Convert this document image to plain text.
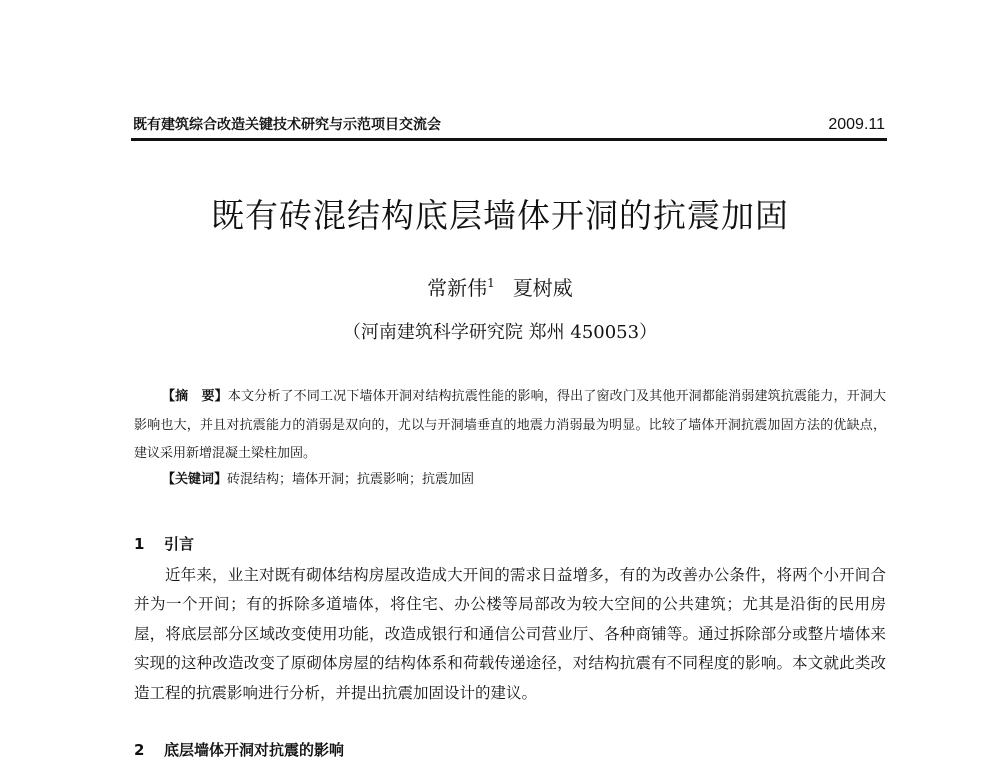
既有建筑综合改造关键技术研究与示范项目交流会	2009.11
既有砖混结构底层墙体开洞的抗震加固
常新伟$^1$ 夏树威
（河南建筑科学研究院 郑州 450053）
【摘　要】本文分析了不同工况下墙体开洞对结构抗震性能的影响，得出了窗改门及其他开洞都能消弱建筑抗震能力，开洞大影响也大，并且对抗震能力的消弱是双向的，尤以与开洞墙垂直的地震力消弱最为明显。比较了墙体开洞抗震加固方法的优缺点，建议采用新增混凝土梁柱加固。
【关键词】砖混结构；墙体开洞；抗震影响；抗震加固
1 引言
近年来，业主对既有砌体结构房屋改造成大开间的需求日益增多，有的为改善办公条件，将两个小开间合并为一个开间；有的拆除多道墙体，将住宅、办公楼等局部改为较大空间的公共建筑；尤其是沿街的民用房屋，将底层部分区域改变使用功能，改造成银行和通信公司营业厅、各种商铺等。通过拆除部分或整片墙体来实现的这种改造改变了原砌体房屋的结构体系和荷载传递途径，对结构抗震有不同程度的影响。本文就此类改造工程的抗震影响进行分析，并提出抗震加固设计的建议。
2 底层墙体开洞对抗震的影响
